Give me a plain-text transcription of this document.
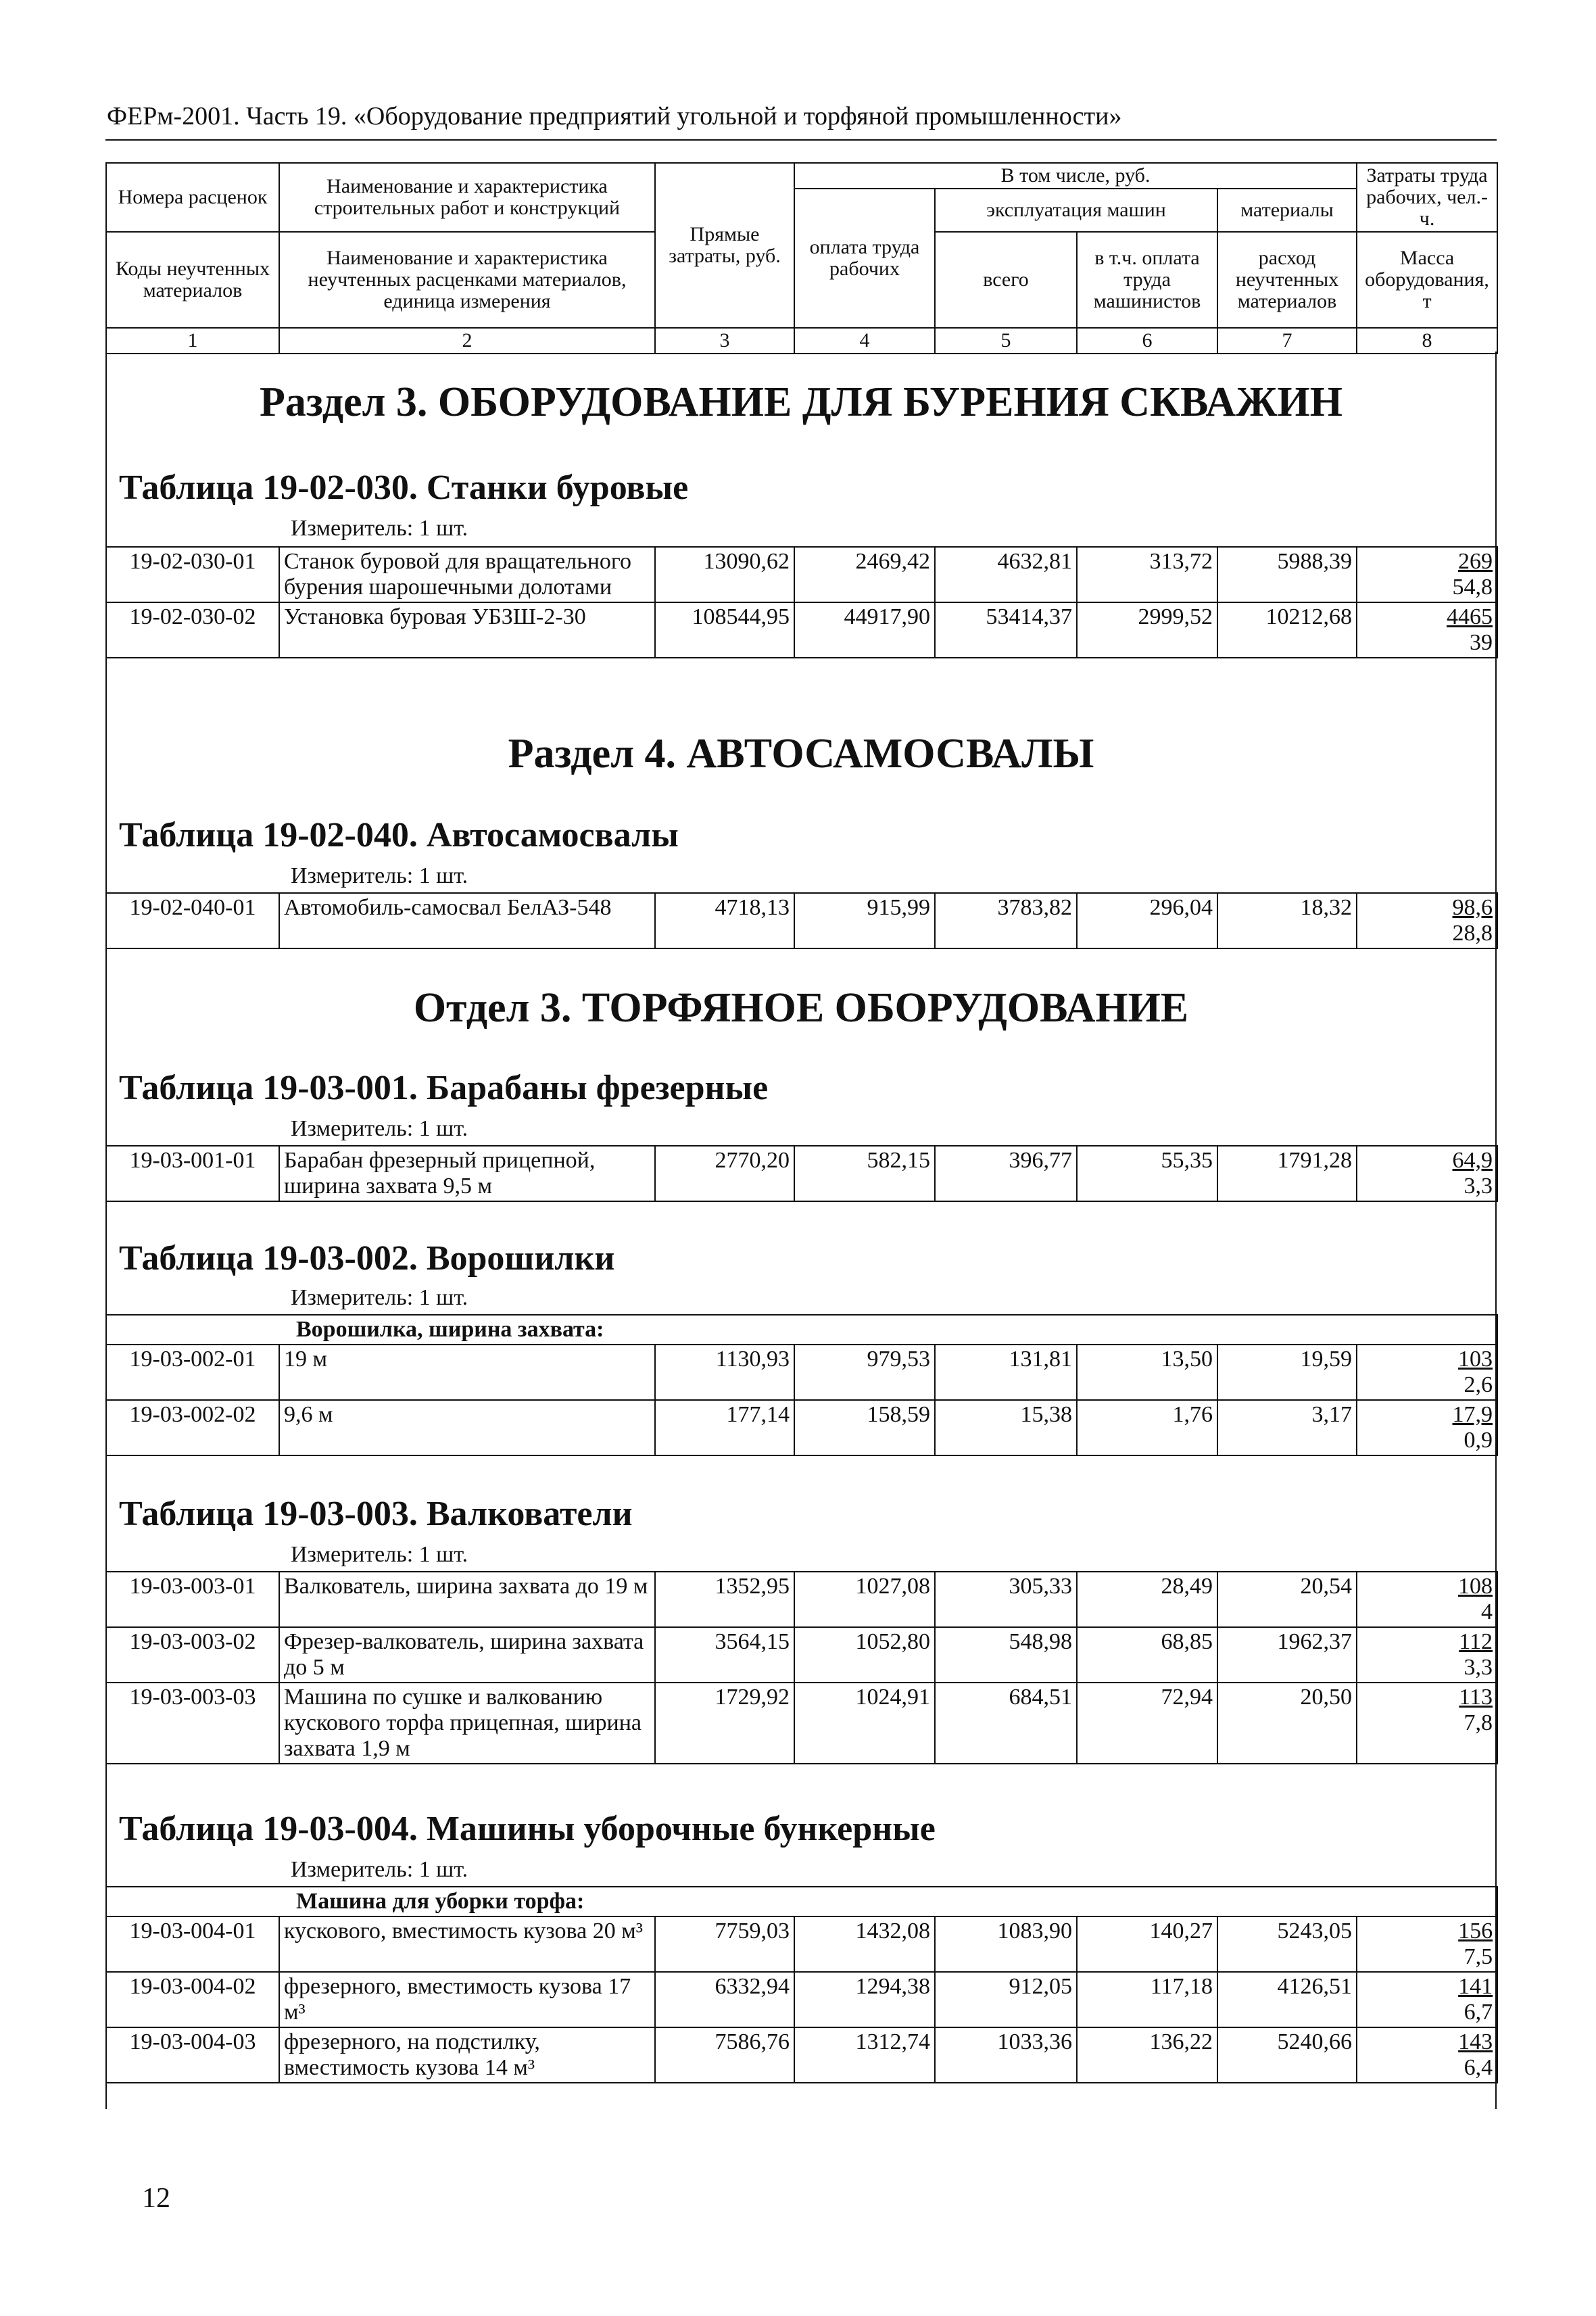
ФЕРм-2001. Часть 19. «Оборудование предприятий угольной и торфяной промышленности»
Номера расценок	Наименование и характеристика строительных работ и конструкций	Прямые затраты, руб.	В том числе, руб.				Затраты труда рабочих, чел.-ч.
			оплата труда рабочих	эксплуатация машин		материалы	
Коды неучтенных материалов	Наименование и характеристика неучтенных расценками материалов, единица измерения			всего	в т.ч. оплата труда машинистов	расход неучтенных материалов	Масса оборудования, т
1	2	3	4	5	6	7	8
Раздел 3. ОБОРУДОВАНИЕ ДЛЯ БУРЕНИЯ СКВАЖИН
Таблица 19-02-030. Станки буровые
Измеритель: 1 шт.
19-02-030-01	Станок буровой для вращательного бурения шарошечными долотами	13090,62	2469,42	4632,81	313,72	5988,39	269
54,8
19-02-030-02	Установка буровая УБЗШ-2-30	108544,95	44917,90	53414,37	2999,52	10212,68	4465
39
Раздел 4. АВТОСАМОСВАЛЫ
Таблица 19-02-040. Автосамосвалы
Измеритель: 1 шт.
19-02-040-01	Автомобиль-самосвал БелАЗ-548	4718,13	915,99	3783,82	296,04	18,32	98,6
28,8
Отдел 3. ТОРФЯНОЕ ОБОРУДОВАНИЕ
Таблица 19-03-001. Барабаны фрезерные
Измеритель: 1 шт.
19-03-001-01	Барабан фрезерный прицепной, ширина захвата 9,5 м	2770,20	582,15	396,77	55,35	1791,28	64,9
3,3
Таблица 19-03-002. Ворошилки
Измеритель: 1 шт.
Ворошилка, ширина захвата:							
19-03-002-01	19 м	1130,93	979,53	131,81	13,50	19,59	103
2,6
19-03-002-02	9,6 м	177,14	158,59	15,38	1,76	3,17	17,9
0,9
Таблица 19-03-003. Валкователи
Измеритель: 1 шт.
19-03-003-01	Валкователь, ширина захвата до 19 м	1352,95	1027,08	305,33	28,49	20,54	108
4
19-03-003-02	Фрезер-валкователь, ширина захвата до 5 м	3564,15	1052,80	548,98	68,85	1962,37	112
3,3
19-03-003-03	Машина по сушке и валкованию кускового торфа прицепная, ширина захвата 1,9 м	1729,92	1024,91	684,51	72,94	20,50	113
7,8
Таблица 19-03-004. Машины уборочные бункерные
Измеритель: 1 шт.
Машина для уборки торфа:							
19-03-004-01	кускового, вместимость кузова 20 м³	7759,03	1432,08	1083,90	140,27	5243,05	156
7,5
19-03-004-02	фрезерного, вместимость кузова 17 м³	6332,94	1294,38	912,05	117,18	4126,51	141
6,7
19-03-004-03	фрезерного, на подстилку, вместимость кузова 14 м³	7586,76	1312,74	1033,36	136,22	5240,66	143
6,4
12
